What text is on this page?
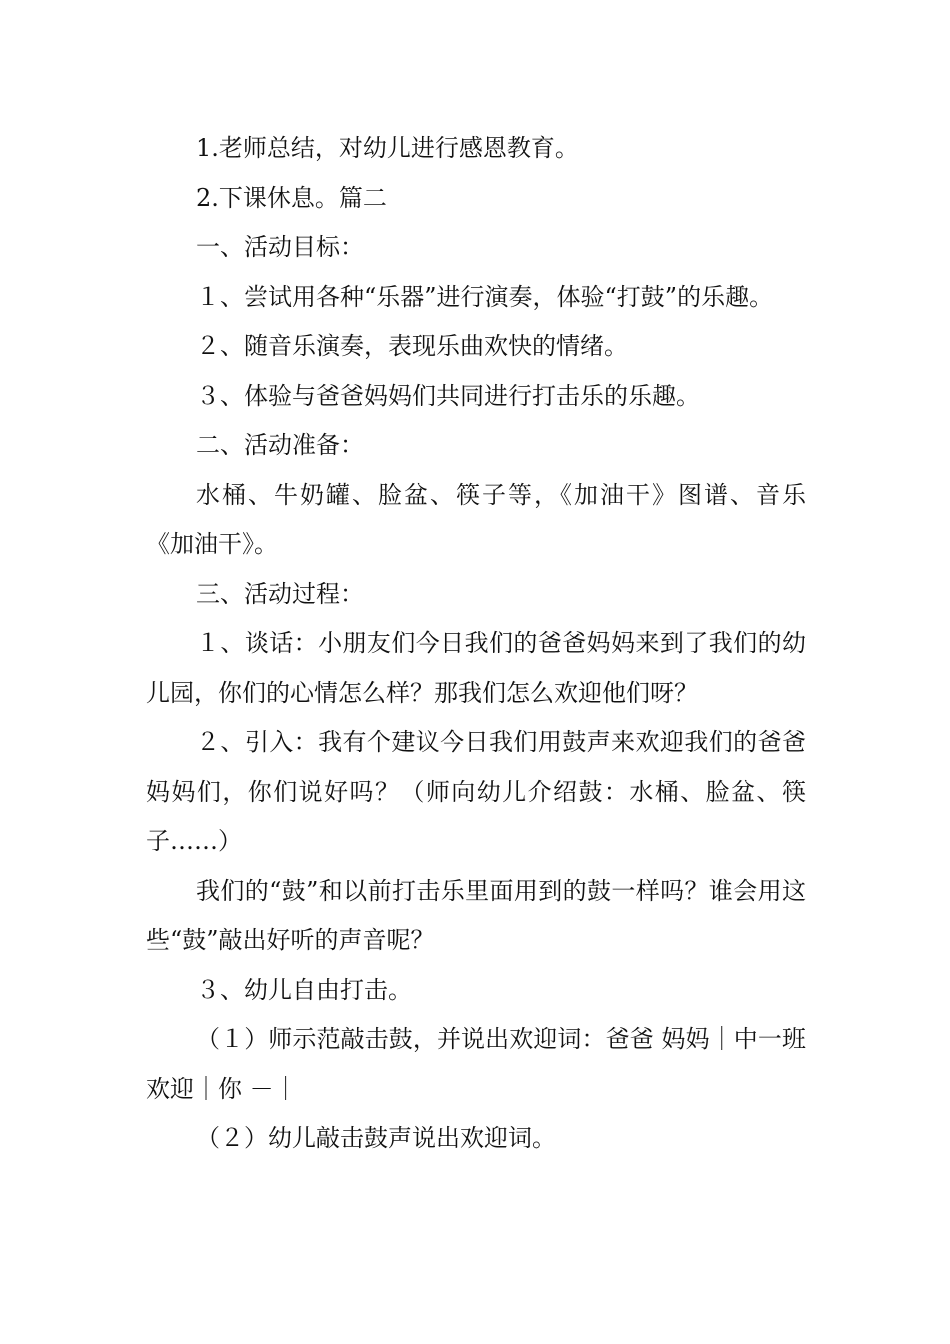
1.老师总结，对幼儿进行感恩教育。

2.下课休息。篇二

一、活动目标：

１、尝试用各种“乐器”进行演奏，体验“打鼓”的乐趣。

２、随音乐演奏，表现乐曲欢快的情绪。

３、体验与爸爸妈妈们共同进行打击乐的乐趣。

二、活动准备：

水桶、牛奶罐、脸盆、筷子等，《加油干》图谱、音乐《加油干》。

三、活动过程：

１、谈话：小朋友们今日我们的爸爸妈妈来到了我们的幼儿园，你们的心情怎么样？那我们怎么欢迎他们呀？

２、引入：我有个建议今日我们用鼓声来欢迎我们的爸爸妈妈们，你们说好吗？（师向幼儿介绍鼓：水桶、脸盆、筷子……）

我们的“鼓”和以前打击乐里面用到的鼓一样吗？谁会用这些“鼓”敲出好听的声音呢？

３、幼儿自由打击。

（１）师示范敲击鼓，并说出欢迎词：爸爸 妈妈｜中一班 欢迎｜你 －｜

（２）幼儿敲击鼓声说出欢迎词。
